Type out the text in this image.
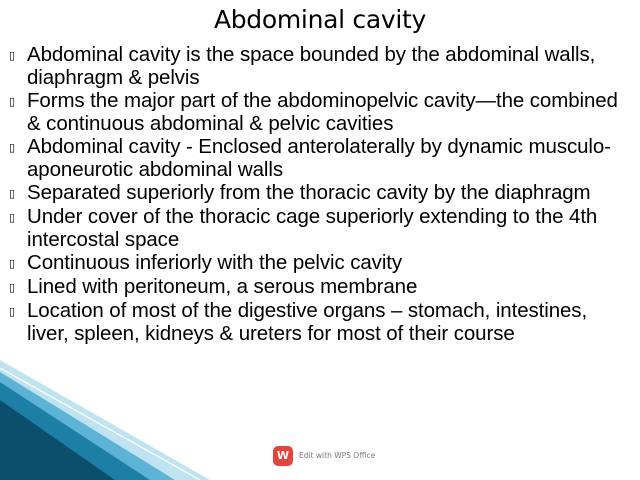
Abdominal cavity
▯ Abdominal cavity is the space bounded by the abdominal walls, diaphragm & pelvis
▯ Forms the major part of the abdominopelvic cavity—the combined & continuous abdominal & pelvic cavities
▯ Abdominal cavity - Enclosed anterolaterally by dynamic musculo-aponeurotic abdominal walls
▯ Separated superiorly from the thoracic cavity by the diaphragm
▯ Under cover of the thoracic cage superiorly extending to the 4th intercostal space
▯ Continuous inferiorly with the pelvic cavity
▯ Lined with peritoneum, a serous membrane
▯ Location of most of the digestive organs – stomach, intestines, liver, spleen, kidneys & ureters for most of their course
W	Edit with WPS Office
